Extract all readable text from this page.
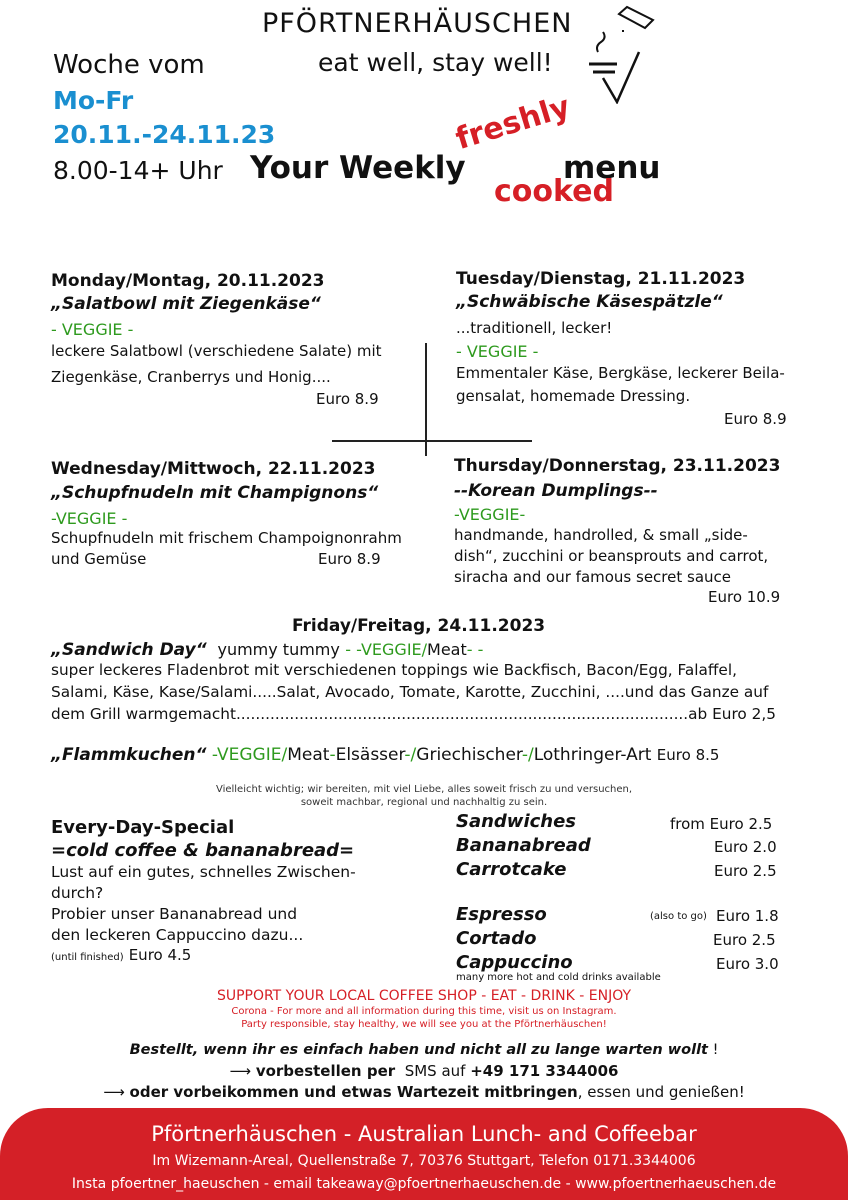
PFÖRTNERHÄUSCHEN
eat well, stay well!
Woche vom
Mo-Fr
20.11.-24.11.23
8.00-14+ Uhr Your Weekly
freshly
menu
cooked
Monday/Montag, 20.11.2023
„Salatbowl mit Ziegenkäse“
- VEGGIE -
leckere Salatbowl (verschiedene Salate) mit
Ziegenkäse, Cranberrys und Honig....
Euro 8.9
Tuesday/Dienstag, 21.11.2023
„Schwäbische Käsespätzle“
...traditionell, lecker!
- VEGGIE -
Emmentaler Käse, Bergkäse, leckerer Beila-
gensalat, homemade Dressing.
Euro 8.9
Wednesday/Mittwoch, 22.11.2023
„Schupfnudeln mit Champignons“
-VEGGIE -
Schupfnudeln mit frischem Champoignonrahm
und Gemüse	Euro 8.9
Thursday/Donnerstag, 23.11.2023
--Korean Dumplings--
-VEGGIE-
handmande, handrolled, & small „side-
dish“, zucchini or beansprouts and carrot,
siracha and our famous secret sauce
Euro 10.9
Friday/Freitag, 24.11.2023
„Sandwich Day“ yummy tummy - -VEGGIE/Meat- -
super leckeres Fladenbrot mit verschiedenen toppings wie Backfisch, Bacon/Egg, Falaffel,
Salami, Käse, Kase/Salami.....Salat, Avocado, Tomate, Karotte, Zucchini, ....und das Ganze auf
dem Grill warmgemacht.............................................................................................ab Euro 2,5
„Flammkuchen“ -VEGGIE/Meat-Elsässer-/Griechischer-/Lothringer-Art Euro 8.5
Vielleicht wichtig; wir bereiten, mit viel Liebe, alles soweit frisch zu und versuchen,
soweit machbar, regional und nachhaltig zu sein.
Every-Day-Special
=cold coffee & bananabread=
Lust auf ein gutes, schnelles Zwischen-
durch?
Probier unser Bananabread und
den leckeren Cappuccino dazu...
(until finished) Euro 4.5
Sandwiches	from Euro 2.5
Bananabread	Euro 2.0
Carrotcake	Euro 2.5
Espresso	(also to go) Euro 1.8
Cortado	Euro 2.5
Cappuccino	Euro 3.0
many more hot and cold drinks available
SUPPORT YOUR LOCAL COFFEE SHOP - EAT - DRINK - ENJOY
Corona - For more and all information during this time, visit us on Instagram.
Party responsible, stay healthy, we will see you at the Pförtnerhäuschen!
Bestellt, wenn ihr es einfach haben und nicht all zu lange warten wollt !
⟶ vorbestellen per SMS auf +49 171 3344006
⟶ oder vorbeikommen und etwas Wartezeit mitbringen, essen und genießen!
Pförtnerhäuschen - Australian Lunch- and Coffeebar
Im Wizemann-Areal, Quellenstraße 7, 70376 Stuttgart, Telefon 0171.3344006
Insta pfoertner_haeuschen - email takeaway@pfoertnerhaeuschen.de - www.pfoertnerhaeuschen.de
